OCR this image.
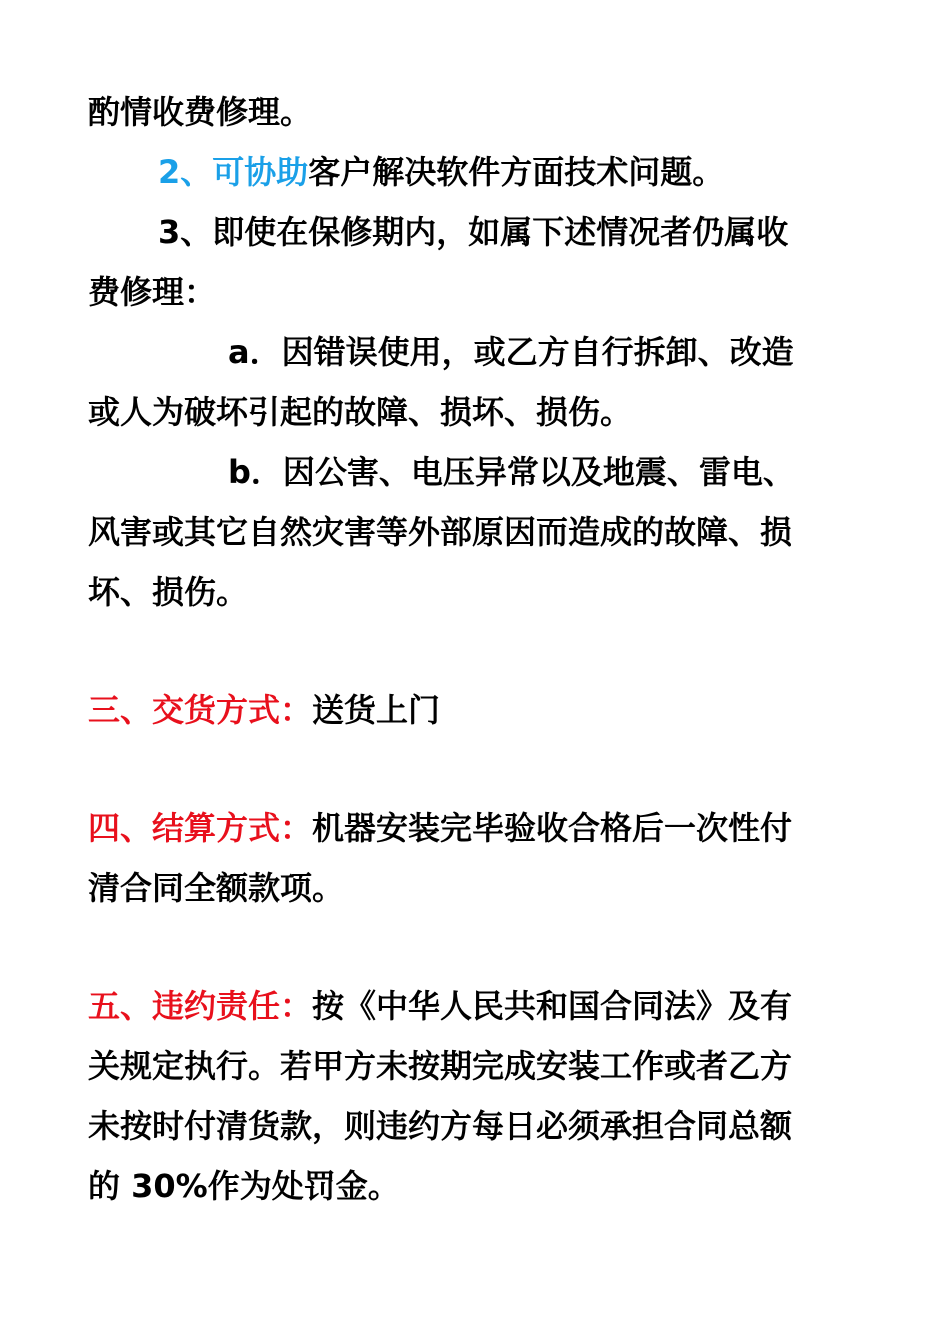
酌情收费修理。
2、可协助客户解决软件方面技术问题。
3、即使在保修期内，如属下述情况者仍属收
费修理：
a．因错误使用，或乙方自行拆卸、改造
或人为破坏引起的故障、损坏、损伤。
b．因公害、电压异常以及地震、雷电、
风害或其它自然灾害等外部原因而造成的故障、损
坏、损伤。
三、交货方式：送货上门
四、结算方式：机器安装完毕验收合格后一次性付
清合同全额款项。
五、违约责任：按《中华人民共和国合同法》及有
关规定执行。若甲方未按期完成安装工作或者乙方
未按时付清货款，则违约方每日必须承担合同总额
的 30%作为处罚金。
